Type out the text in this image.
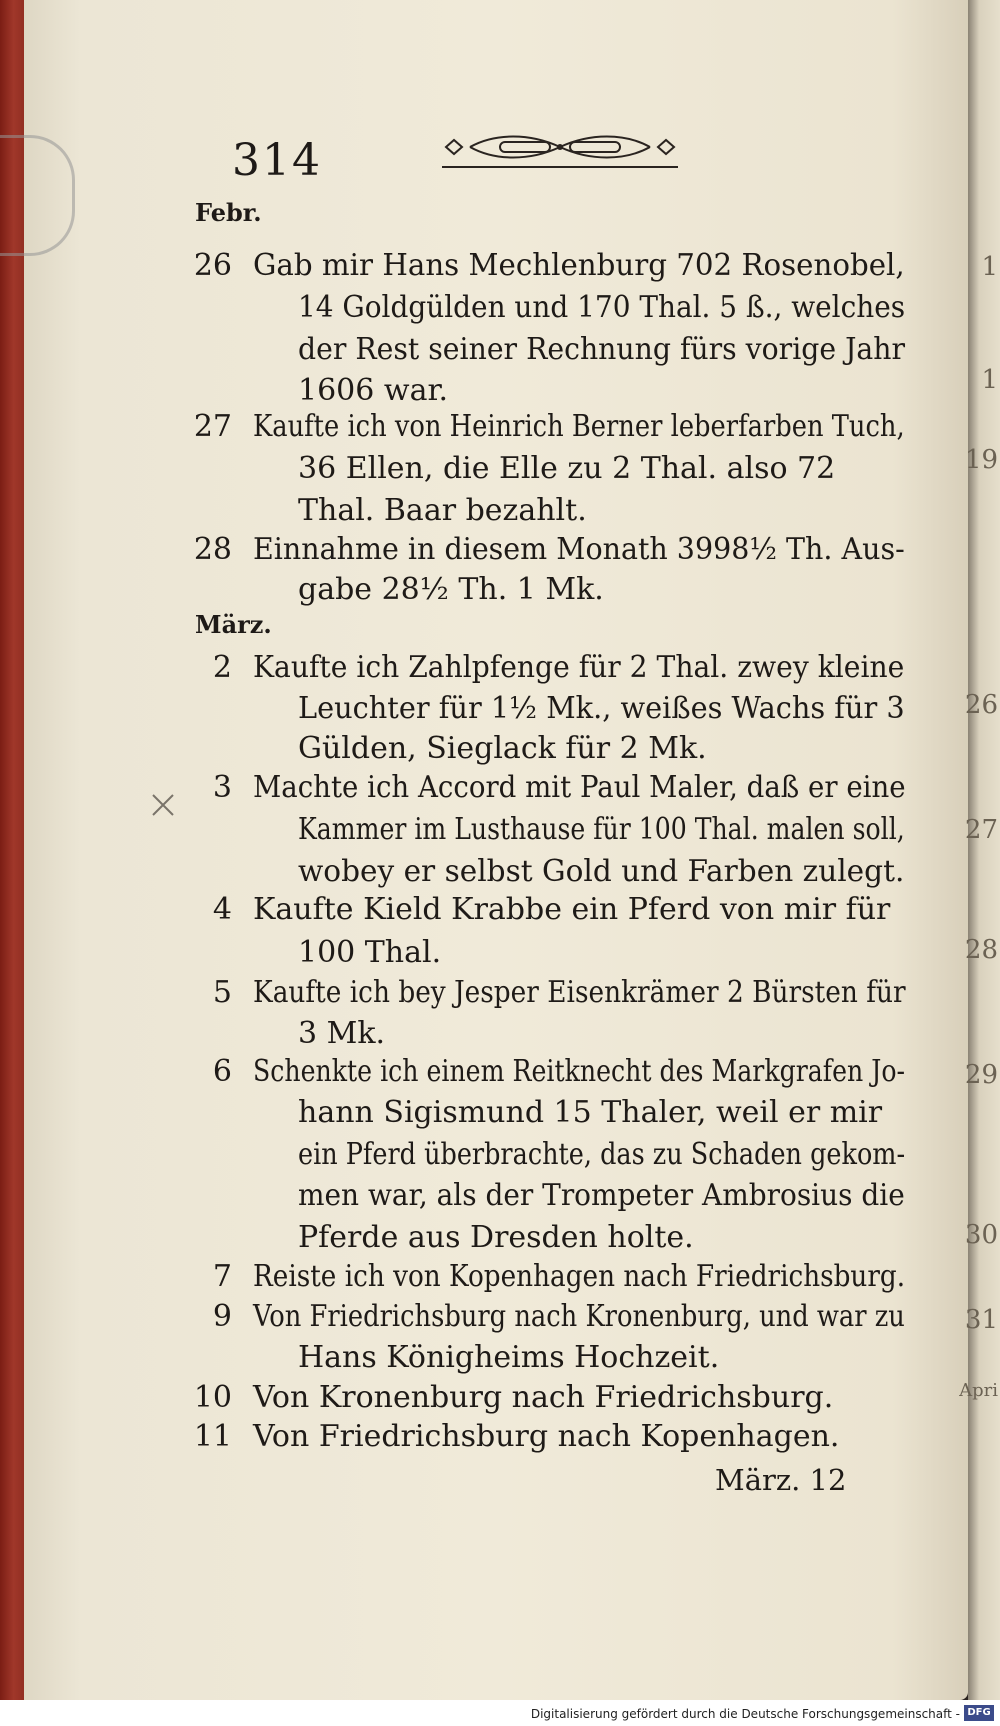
1
1
19
26
27
28
29
30
31
Apri
314
Febr.
26 Gab mir Hans Mechlenburg 702 Rosenobel,
14 Goldgülden und 170 Thal. 5 ß., welches
der Rest seiner Rechnung fürs vorige Jahr
1606 war.
27 Kaufte ich von Heinrich Berner leberfarben Tuch,
36 Ellen, die Elle zu 2 Thal. also 72
Thal. Baar bezahlt.
28 Einnahme in diesem Monath 3998½ Th. Aus-
gabe 28½ Th. 1 Mk.
März.
2 Kaufte ich Zahlpfenge für 2 Thal. zwey kleine
Leuchter für 1½ Mk., weißes Wachs für 3
Gülden, Sieglack für 2 Mk.
3 Machte ich Accord mit Paul Maler, daß er eine
Kammer im Lusthause für 100 Thal. malen soll,
wobey er selbst Gold und Farben zulegt.
4 Kaufte Kield Krabbe ein Pferd von mir für
100 Thal.
5 Kaufte ich bey Jesper Eisenkrämer 2 Bürsten für
3 Mk.
6 Schenkte ich einem Reitknecht des Markgrafen Jo-
hann Sigismund 15 Thaler, weil er mir
ein Pferd überbrachte, das zu Schaden gekom-
men war, als der Trompeter Ambrosius die
Pferde aus Dresden holte.
7 Reiste ich von Kopenhagen nach Friedrichsburg.
9 Von Friedrichsburg nach Kronenburg, und war zu
Hans Königheims Hochzeit.
10 Von Kronenburg nach Friedrichsburg.
11 Von Friedrichsburg nach Kopenhagen.
März. 12
Digitalisierung gefördert durch die Deutsche Forschungsgemeinschaft - DFG
